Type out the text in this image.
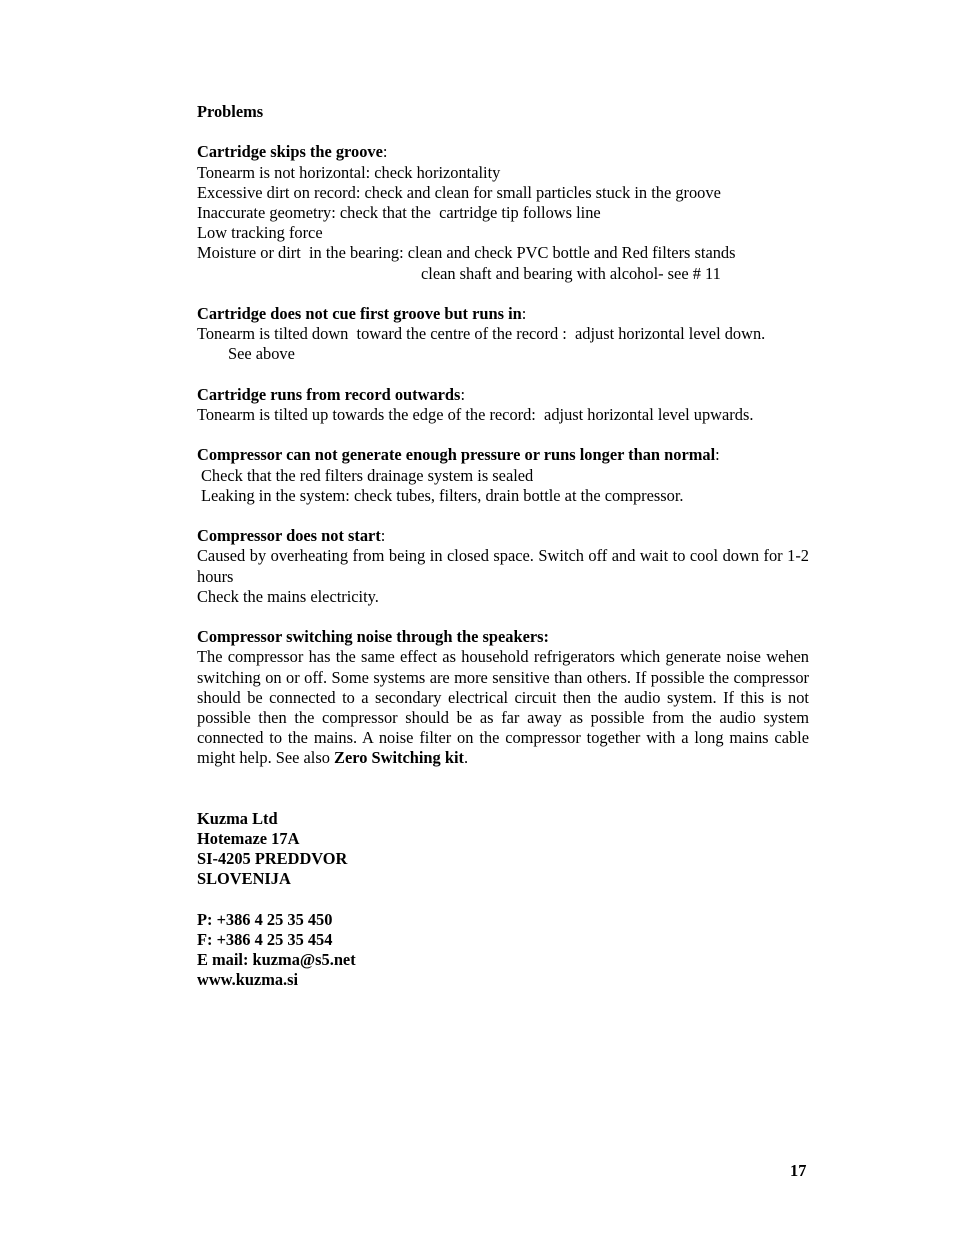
Problems
Cartridge skips the groove:
Tonearm is not horizontal: check horizontality
Excessive dirt on record: check and clean for small particles stuck in the groove
Inaccurate geometry: check that the  cartridge tip follows line
Low tracking force
Moisture or dirt  in the bearing: clean and check PVC bottle and Red filters stands
clean shaft and bearing with alcohol- see # 11
Cartridge does not cue first groove but runs in:
Tonearm is tilted down  toward the centre of the record :  adjust horizontal level down.
See above
Cartridge runs from record outwards:
Tonearm is tilted up towards the edge of the record:  adjust horizontal level upwards.
Compressor can not generate enough pressure or runs longer than normal:
Check that the red filters drainage system is sealed
Leaking in the system: check tubes, filters, drain bottle at the compressor.
Compressor does not start:
Caused by overheating from being in closed space. Switch off and wait to cool down for 1-2 hours
Check the mains electricity.
Compressor switching noise through the speakers:
The compressor has the same effect as household refrigerators which generate noise wehen switching on or off. Some systems are more sensitive than others. If possible the compressor should be connected to a secondary electrical circuit then the audio system. If this is not possible then the compressor should be as far away as possible from the audio system connected to the mains. A noise filter on the compressor together with a long mains cable might help. See also Zero Switching kit.
Kuzma Ltd
Hotemaze 17A
SI-4205 PREDDVOR
SLOVENIJA
P: +386 4 25 35 450
F: +386 4 25 35 454
E mail: kuzma@s5.net
www.kuzma.si
17
